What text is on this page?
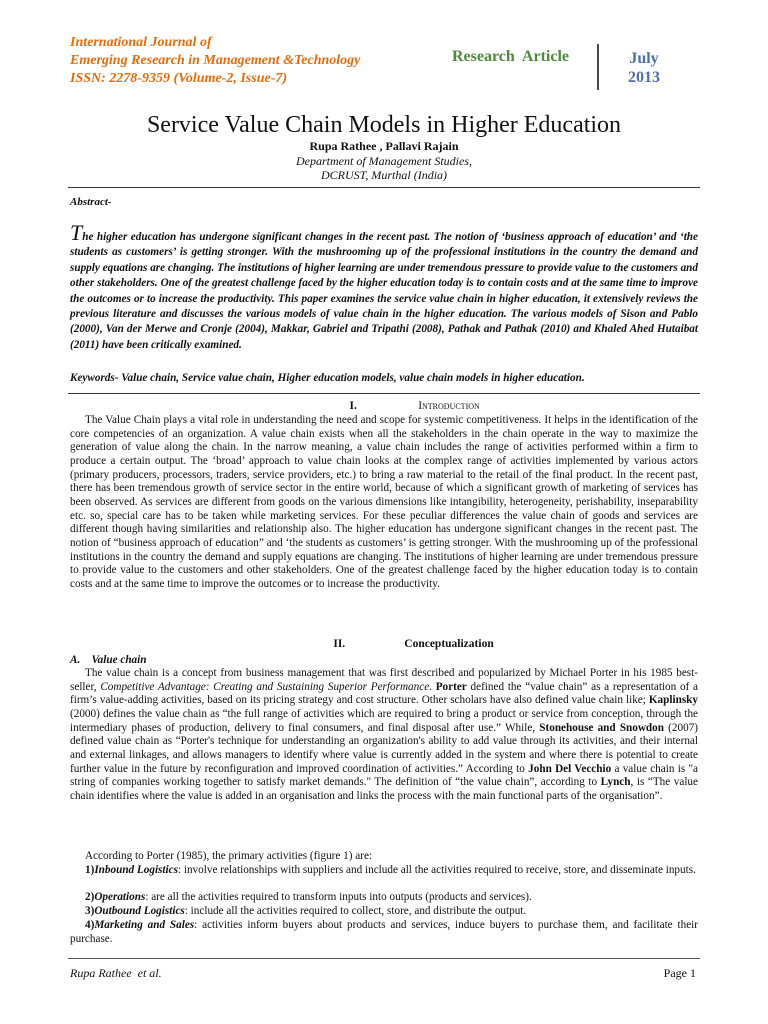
International Journal of
Emerging Research in Management &Technology
ISSN: 2278-9359 (Volume-2, Issue-7)
Research  Article	July
2013
Service Value Chain Models in Higher Education
Rupa Rathee , Pallavi Rajain
Department of Management Studies,
DCRUST, Murthal (India)
Abstract-

The higher education has undergone significant changes in the recent past. The notion of ‘business approach of education’ and ‘the students as customers’ is getting stronger. With the mushrooming up of the professional institutions in the country the demand and supply equations are changing. The institutions of higher learning are under tremendous pressure to provide value to the customers and other stakeholders. One of the greatest challenge faced by the higher education today is to contain costs and at the same time to improve the outcomes or to increase the productivity. This paper examines the service value chain in higher education, it extensively reviews the previous literature and discusses the various models of value chain in the higher education. The various models of Sison and Pablo (2000), Van der Merwe and Cronje (2004), Makkar, Gabriel and Tripathi (2008), Pathak and Pathak (2010) and Khaled Ahed Hutaibat (2011) have been critically examined.

Keywords- Value chain, Service value chain, Higher education models, value chain models in higher education.

I.	Introduction

The Value Chain plays a vital role in understanding the need and scope for systemic competitiveness. It helps in the identification of the core competencies of an organization. A value chain exists when all the stakeholders in the chain operate in the way to maximize the generation of value along the chain. In the narrow meaning, a value chain includes the range of activities performed within a firm to produce a certain output. The ‘broad’ approach to value chain looks at the complex range of activities implemented by various actors (primary producers, processors, traders, service providers, etc.) to bring a raw material to the retail of the final product. In the recent past, there has been tremendous growth of service sector in the entire world, because of which a significant growth of marketing of services has been observed. As services are different from goods on the various dimensions like intangibility, heterogeneity, perishability, inseparability etc. so, special care has to be taken while marketing services. For these peculiar differences the value chain of goods and services are different though having similarities and relationship also. The higher education has undergone significant changes in the recent past. The notion of “business approach of education” and ‘the students as customers’ is getting stronger. With the mushrooming up of the professional institutions in the country the demand and supply equations are changing. The institutions of higher learning are under tremendous pressure to provide value to the customers and other stakeholders. One of the greatest challenge faced by the higher education today is to contain costs and at the same time to improve the outcomes or to increase the productivity.

II.	Conceptualization
A.    Value chain

The value chain is a concept from business management that was first described and popularized by Michael Porter in his 1985 best-seller, Competitive Advantage: Creating and Sustaining Superior Performance. Porter defined the “value chain” as a representation of a firm’s value-adding activities, based on its pricing strategy and cost structure. Other scholars have also defined value chain like; Kaplinsky (2000) defines the value chain as “the full range of activities which are required to bring a product or service from conception, through the intermediary phases of production, delivery to final consumers, and final disposal after use.” While, Stonehouse and Snowdon (2007) defined value chain as “Porter's technique for understanding an organization's ability to add value through its activities, and their internal and external linkages, and allows managers to identify where value is currently added in the system and where there is potential to create further value in the future by reconfiguration and improved coordination of activities.” According to John Del Vecchio a value chain is "a string of companies working together to satisfy market demands." The definition of “the value chain”, according to Lynch, is “The value chain identifies where the value is added in an organisation and links the process with the main functional parts of the organisation”.

According to Porter (1985), the primary activities (figure 1) are:

1)Inbound Logistics: involve relationships with suppliers and include all the activities required to receive, store, and disseminate inputs.

2)Operations: are all the activities required to transform inputs into outputs (products and services).

3)Outbound Logistics: include all the activities required to collect, store, and distribute the output.

4)Marketing and Sales: activities inform buyers about products and services, induce buyers to purchase them, and facilitate their purchase.

Rupa Rathee  et al.	Page 1
